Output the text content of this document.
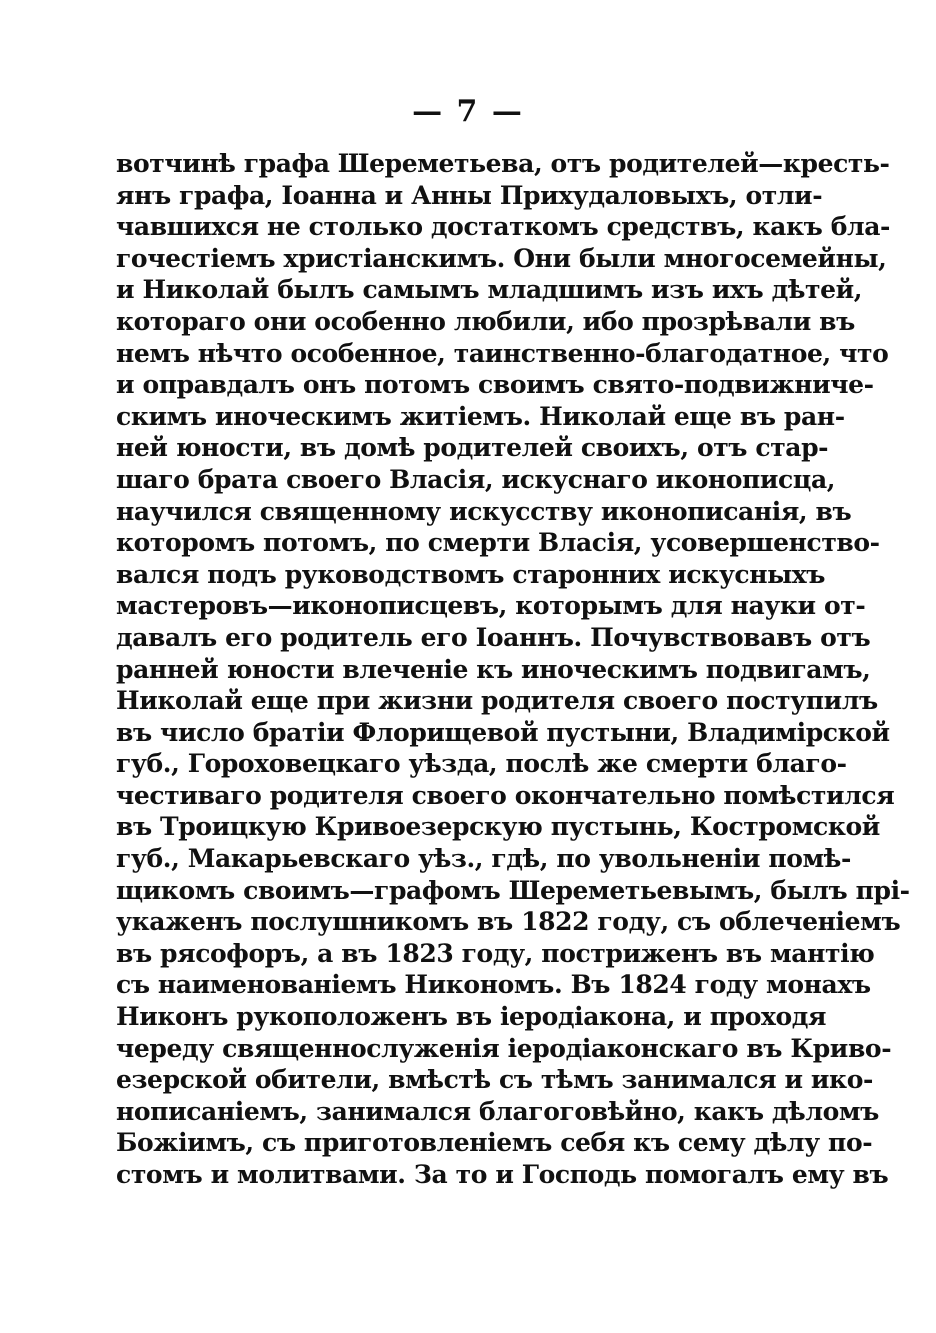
— 7 —
вотчинѣ графа Шереметьева, отъ родителей—кресть-
янъ графа, Іоанна и Анны Прихудаловыхъ, отли-
чавшихся не столько достаткомъ средствъ, какъ бла-
гочестіемъ христіанскимъ. Они были многосемейны,
и Николай былъ самымъ младшимъ изъ ихъ дѣтей,
котораго они особенно любили, ибо прозрѣвали въ
немъ нѣчто особенное, таинственно-благодатное, что
и оправдалъ онъ потомъ своимъ свято-подвижниче-
скимъ иноческимъ житіемъ. Николай еще въ ран-
ней юности, въ домѣ родителей своихъ, отъ стар-
шаго брата своего Власія, искуснаго иконописца,
научился священному искусству иконописанія, въ
которомъ потомъ, по смерти Власія, усовершенство-
вался подъ руководствомъ старонних искусныхъ
мастеровъ—иконописцевъ, которымъ для науки от-
давалъ его родитель его Іоаннъ. Почувствовавъ отъ
ранней юности влеченіе къ иноческимъ подвигамъ,
Николай еще при жизни родителя своего поступилъ
въ число братіи Флорищевой пустыни, Владимірской
губ., Гороховецкаго уѣзда, послѣ же смерти благо-
честиваго родителя своего окончательно помѣстился
въ Троицкую Кривоезерскую пустынь, Костромской
губ., Макарьевскаго уѣз., гдѣ, по увольненіи помѣ-
щикомъ своимъ—графомъ Шереметьевымъ, былъ прі-
укаженъ послушникомъ въ 1822 году, съ облеченіемъ
въ рясофоръ, а въ 1823 году, постриженъ въ мантію
съ наименованіемъ Никономъ. Въ 1824 году монахъ
Никонъ рукоположенъ въ іеродіакона, и проходя
череду священнослуженія іеродіаконскаго въ Криво-
езерской обители, вмѣстѣ съ тѣмъ занимался и ико-
нописаніемъ, занимался благоговѣйно, какъ дѣломъ
Божіимъ, съ приготовленіемъ себя къ сему дѣлу по-
стомъ и молитвами. За то и Господь помогалъ ему въ
